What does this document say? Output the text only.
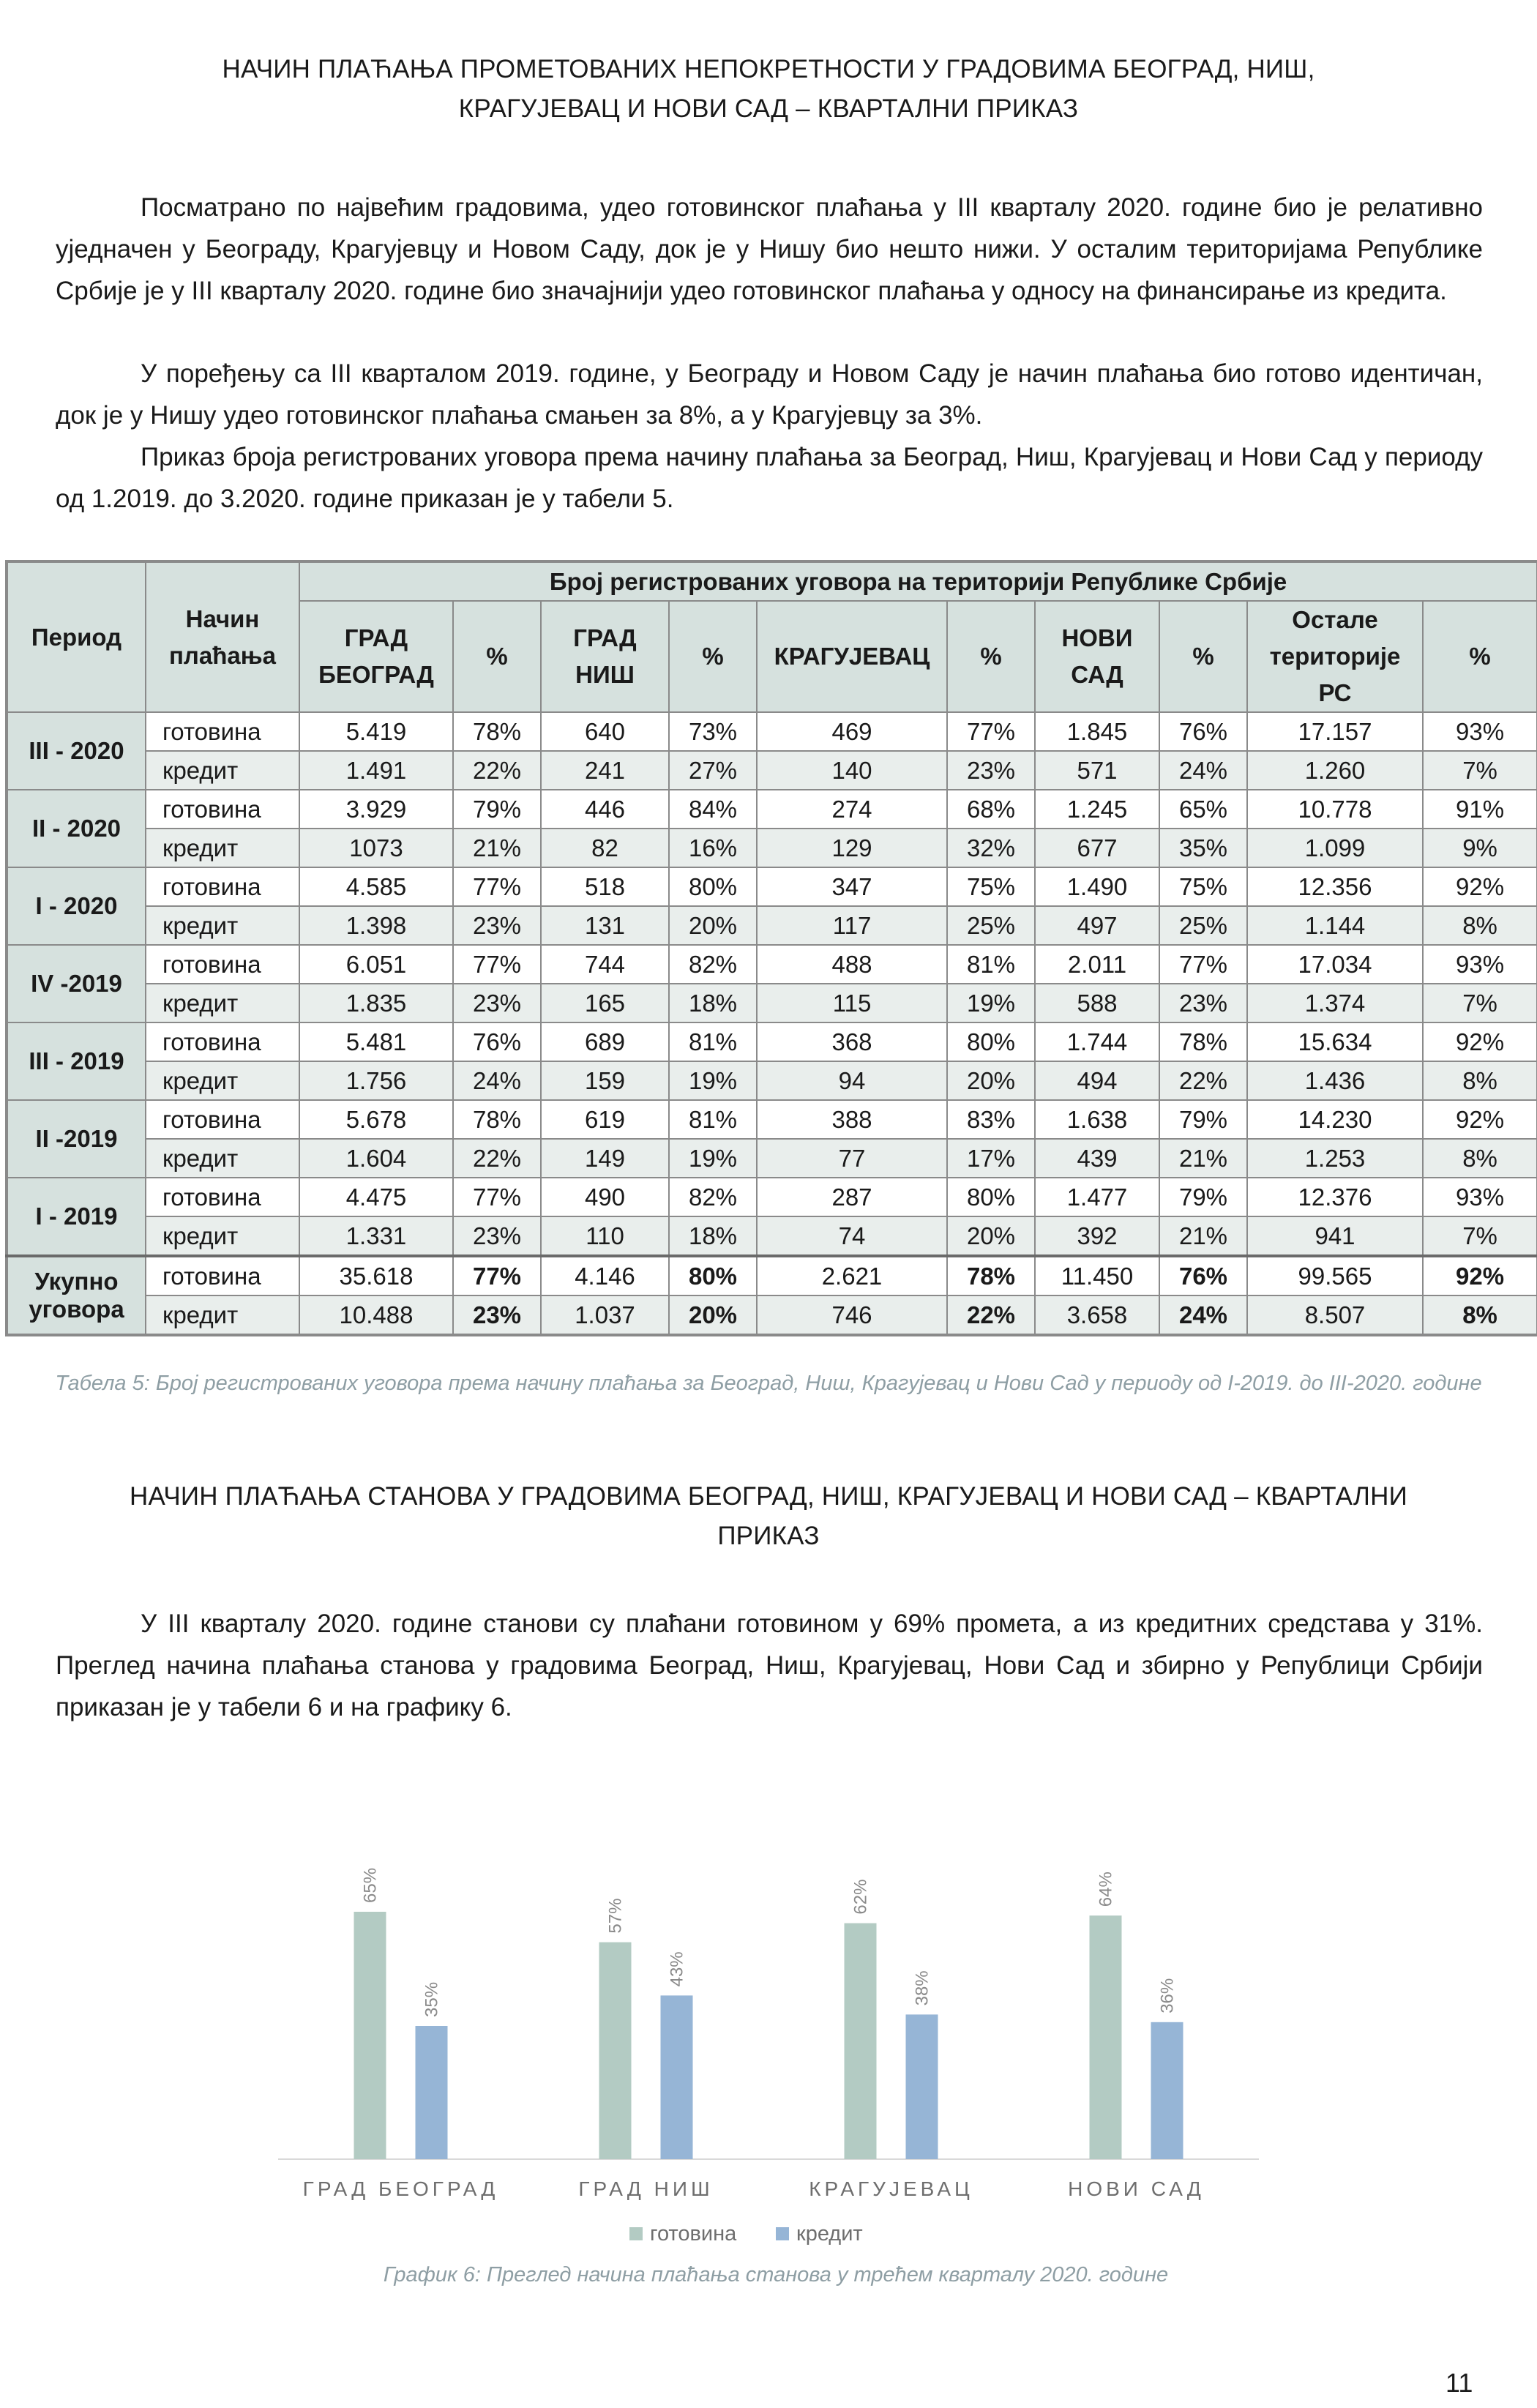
НАЧИН ПЛАЋАЊА ПРОМЕТОВАНИХ НЕПОКРЕТНОСТИ У ГРАДОВИМА БЕОГРАД, НИШ,
КРАГУЈЕВАЦ И НОВИ САД – КВАРТАЛНИ ПРИКАЗ
Посматрано по највећим градовима, удео готовинског плаћања у III кварталу 2020. године био је релативно уједначен у Београду, Крагујевцу и Новом Саду, док је у Нишу био нешто нижи. У осталим територијама Републике Србије је у III кварталу 2020. године био значајнији удео готовинског плаћања у односу на финансирање из кредита.
У поређењу са III кварталом 2019. године, у Београду и Новом Саду је начин плаћања био готово идентичан, док је у Нишу удео готовинског плаћања смањен за 8%, а у Крагујевцу за 3%.
Приказ броја регистрованих уговора према начину плаћања за Београд, Ниш, Крагујевац и Нови Сад у периоду од 1.2019. до 3.2020. године приказан је у табели 5.
Период	Начин плаћања	Број регистрованих уговора на територији Републике Србије									
		ГРАД БЕОГРАД	%	ГРАД НИШ	%	КРАГУЈЕВАЦ	%	НОВИ САД	%	Остале територије РС	%
III - 2020	готовина	5.419	78%	640	73%	469	77%	1.845	76%	17.157	93%
	кредит	1.491	22%	241	27%	140	23%	571	24%	1.260	7%
II - 2020	готовина	3.929	79%	446	84%	274	68%	1.245	65%	10.778	91%
	кредит	1073	21%	82	16%	129	32%	677	35%	1.099	9%
I - 2020	готовина	4.585	77%	518	80%	347	75%	1.490	75%	12.356	92%
	кредит	1.398	23%	131	20%	117	25%	497	25%	1.144	8%
IV -2019	готовина	6.051	77%	744	82%	488	81%	2.011	77%	17.034	93%
	кредит	1.835	23%	165	18%	115	19%	588	23%	1.374	7%
III - 2019	готовина	5.481	76%	689	81%	368	80%	1.744	78%	15.634	92%
	кредит	1.756	24%	159	19%	94	20%	494	22%	1.436	8%
II -2019	готовина	5.678	78%	619	81%	388	83%	1.638	79%	14.230	92%
	кредит	1.604	22%	149	19%	77	17%	439	21%	1.253	8%
I - 2019	готовина	4.475	77%	490	82%	287	80%	1.477	79%	12.376	93%
	кредит	1.331	23%	110	18%	74	20%	392	21%	941	7%
Укупно уговора	готовина	35.618	77%	4.146	80%	2.621	78%	11.450	76%	99.565	92%
	кредит	10.488	23%	1.037	20%	746	22%	3.658	24%	8.507	8%
Табела 5: Број регистрованих уговора према начину плаћања за Београд, Ниш, Крагујевац и Нови Сад у периоду од I-2019. до III-2020. године
НАЧИН ПЛАЋАЊА СТАНОВА У ГРАДОВИМА БЕОГРАД, НИШ, КРАГУЈЕВАЦ И НОВИ САД – КВАРТАЛНИ
ПРИКАЗ
У III кварталу 2020. године станови су плаћани готовином у 69% промета, а из кредитних средстава у 31%. Преглед начина плаћања станова у градовима Београд, Ниш, Крагујевац, Нови Сад и збирно у Републици Србији приказан је у табели 6 и на графику 6.
65%
35%
ГРАД БЕОГРАД
57%
43%
ГРАД НИШ
62%
38%
КРАГУЈЕВАЦ
64%
36%
НОВИ САД
готовина	кредит
График 6: Преглед начина плаћања станова у трећем кварталу 2020. године
11
